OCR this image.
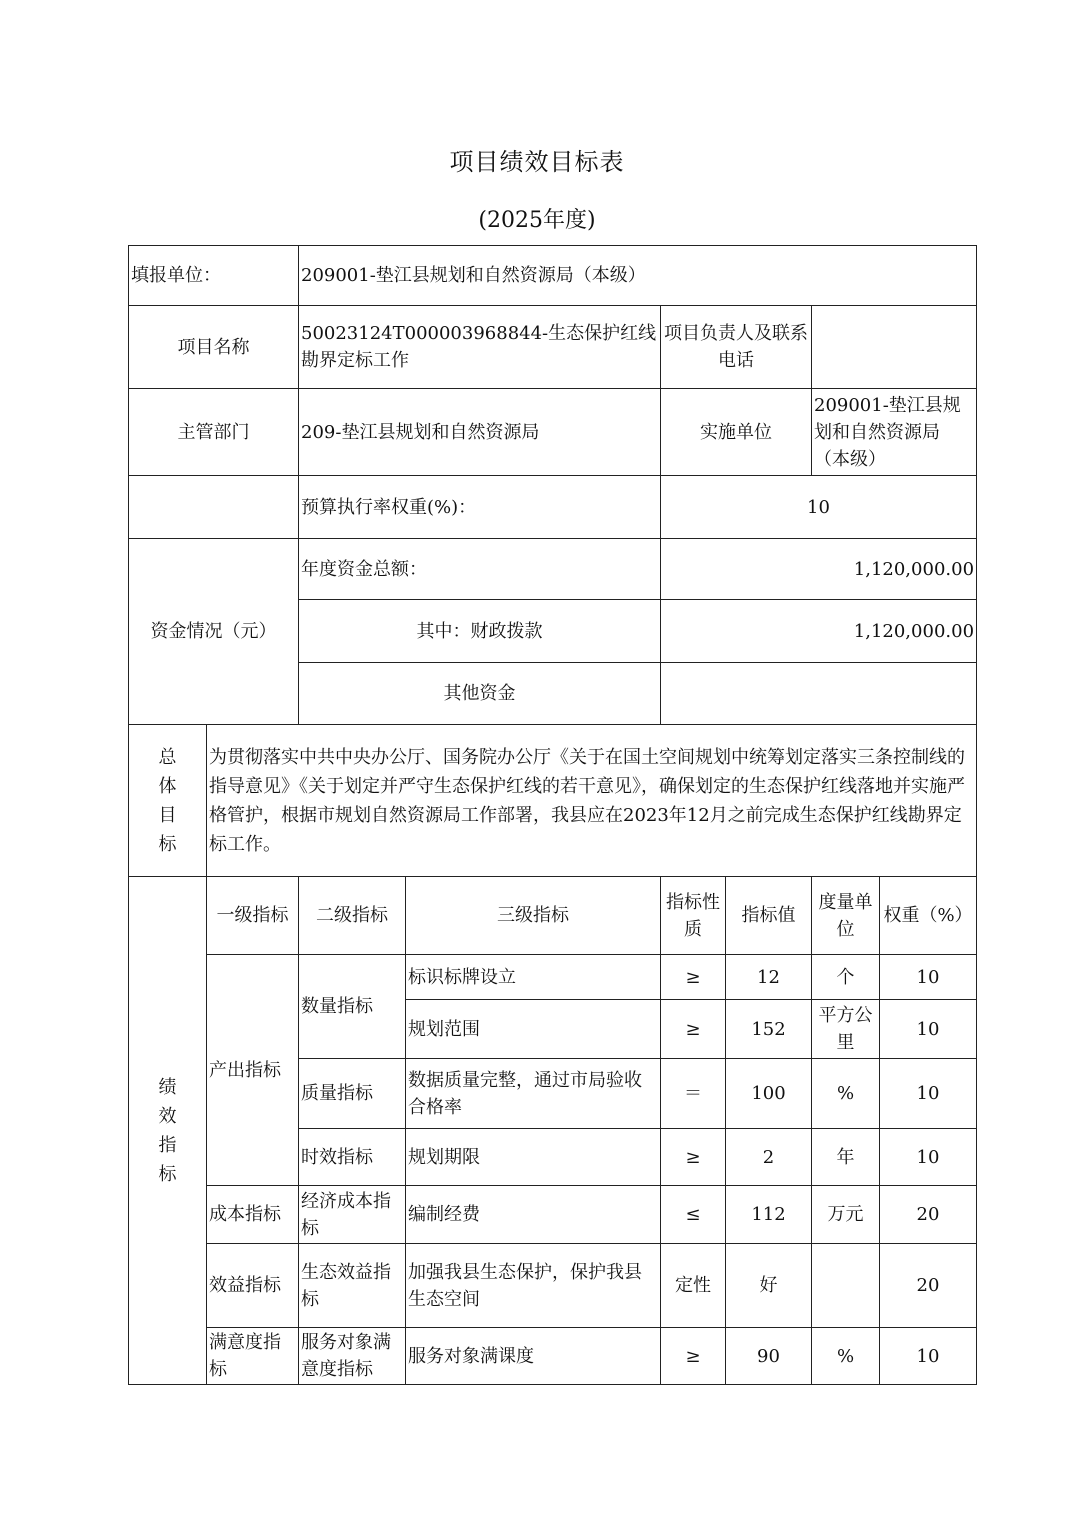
项目绩效目标表
(2025年度)
填报单位：		209001-垫江县规划和自然资源局（本级）					
项目名称		50023124T000003968844-生态保护红线勘界定标工作		项目负责人及联系电话			
主管部门		209-垫江县规划和自然资源局		实施单位		209001-垫江县规划和自然资源局（本级）	
		预算执行率权重(%)：		10			
资金情况（元）		年度资金总额：		1,120,000.00			
		其中：财政拨款		1,120,000.00			
		其他资金					

总体目标	为贯彻落实中共中央办公厅、国务院办公厅《关于在国土空间规划中统筹划定落实三条控制线的指导意见》《关于划定并严守生态保护红线的若干意见》，确保划定的生态保护红线落地并实施严格管护，根据市规划自然资源局工作部署，我县应在2023年12月之前完成生态保护红线勘界定标工作。						

绩效指标	一级指标	二级指标	三级指标	指标性质	指标值	度量单位	权重（%）
	产出指标	数量指标	标识标牌设立	≥	12	个	10
			规划范围	≥	152	平方公里	10
		质量指标	数据质量完整，通过市局验收合格率	＝	100	%	10
		时效指标	规划期限	≥	2	年	10
	成本指标	经济成本指标	编制经费	≤	112	万元	20
	效益指标	生态效益指标	加强我县生态保护，保护我县生态空间	定性	好		20
	满意度指标	服务对象满意度指标	服务对象满课度	≥	90	%	10
